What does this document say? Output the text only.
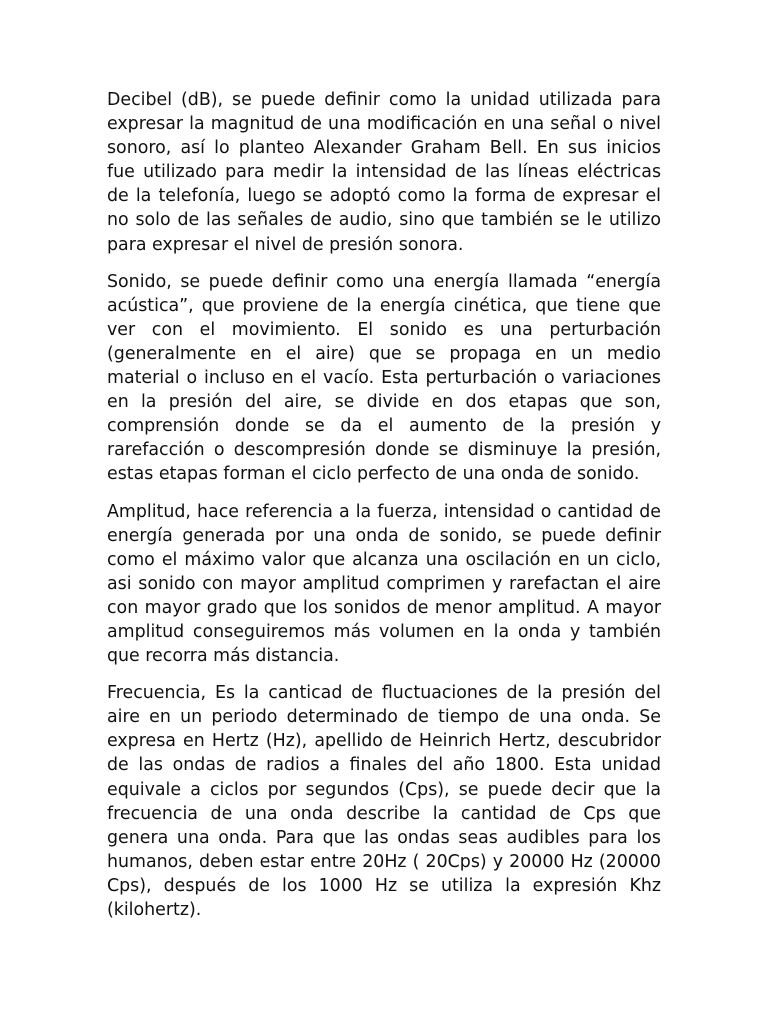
Decibel (dB), se puede definir como la unidad utilizada para expresar la magnitud de una modificación en una señal o nivel sonoro, así lo planteo Alexander Graham Bell. En sus inicios fue utilizado para medir la intensidad de las líneas eléctricas de la telefonía, luego se adoptó como la forma de expresar el no solo de las señales de audio, sino que también se le utilizo para expresar el nivel de presión sonora.

Sonido, se puede definir como una energía llamada “energía acústica”, que proviene de la energía cinética, que tiene que ver con el movimiento. El sonido es una perturbación (generalmente en el aire) que se propaga en un medio material o incluso en el vacío. Esta perturbación o variaciones en la presión del aire, se divide en dos etapas que son, comprensión donde se da el aumento de la presión y rarefacción o descompresión donde se disminuye la presión, estas etapas forman el ciclo perfecto de una onda de sonido.

Amplitud, hace referencia a la fuerza, intensidad o cantidad de energía generada por una onda de sonido, se puede definir como el máximo valor que alcanza una oscilación en un ciclo, asi sonido con mayor amplitud comprimen y rarefactan el aire con mayor grado que los sonidos de menor amplitud. A mayor amplitud conseguiremos más volumen en la onda y también que recorra más distancia.

Frecuencia, Es la canticad de fluctuaciones de la presión del aire en un periodo determinado de tiempo de una onda. Se expresa en Hertz (Hz), apellido de Heinrich Hertz, descubridor de las ondas de radios a finales del año 1800. Esta unidad equivale a ciclos por segundos (Cps), se puede decir que la frecuencia de una onda describe la cantidad de Cps que genera una onda. Para que las ondas seas audibles para los humanos, deben estar entre 20Hz ( 20Cps) y 20000 Hz (20000 Cps), después de los 1000 Hz se utiliza la expresión Khz (kilohertz).
